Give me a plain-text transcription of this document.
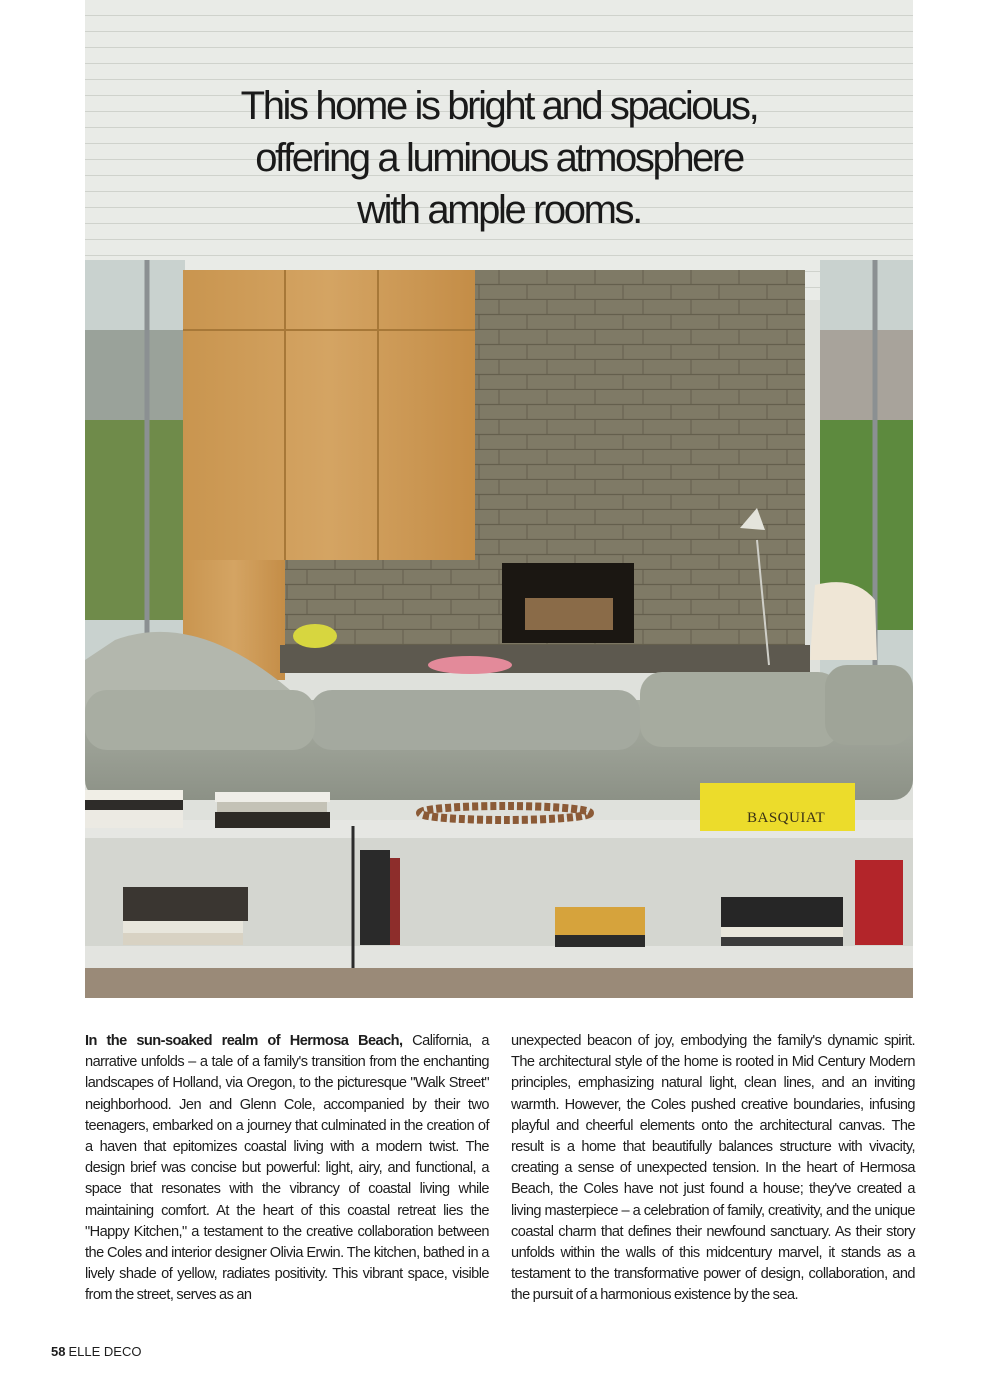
This home is bright and spacious,
offering a luminous atmosphere
with ample rooms.
BASQUIAT

In the sun-soaked realm of Hermosa Beach, California, a narrative unfolds – a tale of a family's transition from the enchanting landscapes of Holland, via Oregon, to the picturesque "Walk Street" neighborhood. Jen and Glenn Cole, accompanied by their two teenagers, embarked on a journey that culminated in the creation of a haven that epitomizes coastal living with a modern twist. The design brief was concise but powerful: light, airy, and functional, a space that resonates with the vibrancy of coastal living while maintaining comfort. At the heart of this coastal retreat lies the "Happy Kitchen," a testament to the creative collaboration between the Coles and interior designer Olivia Erwin. The kitchen, bathed in a lively shade of yellow, radiates positivity. This vibrant space, visible from the street, serves as an

unexpected beacon of joy, embodying the family's dynamic spirit. The architectural style of the home is rooted in Mid Century Modern principles, emphasizing natural light, clean lines, and an inviting warmth. However, the Coles pushed creative boundaries, infusing playful and cheerful elements onto the architectural canvas. The result is a home that beautifully balances structure with vivacity, creating a sense of unexpected tension. In the heart of Hermosa Beach, the Coles have not just found a house; they've created a living masterpiece – a celebration of family, creativity, and the unique coastal charm that defines their newfound sanctuary. As their story unfolds within the walls of this midcentury marvel, it stands as a testament to the transformative power of design, collaboration, and the pursuit of a harmonious existence by the sea.

58 ELLE DECO
